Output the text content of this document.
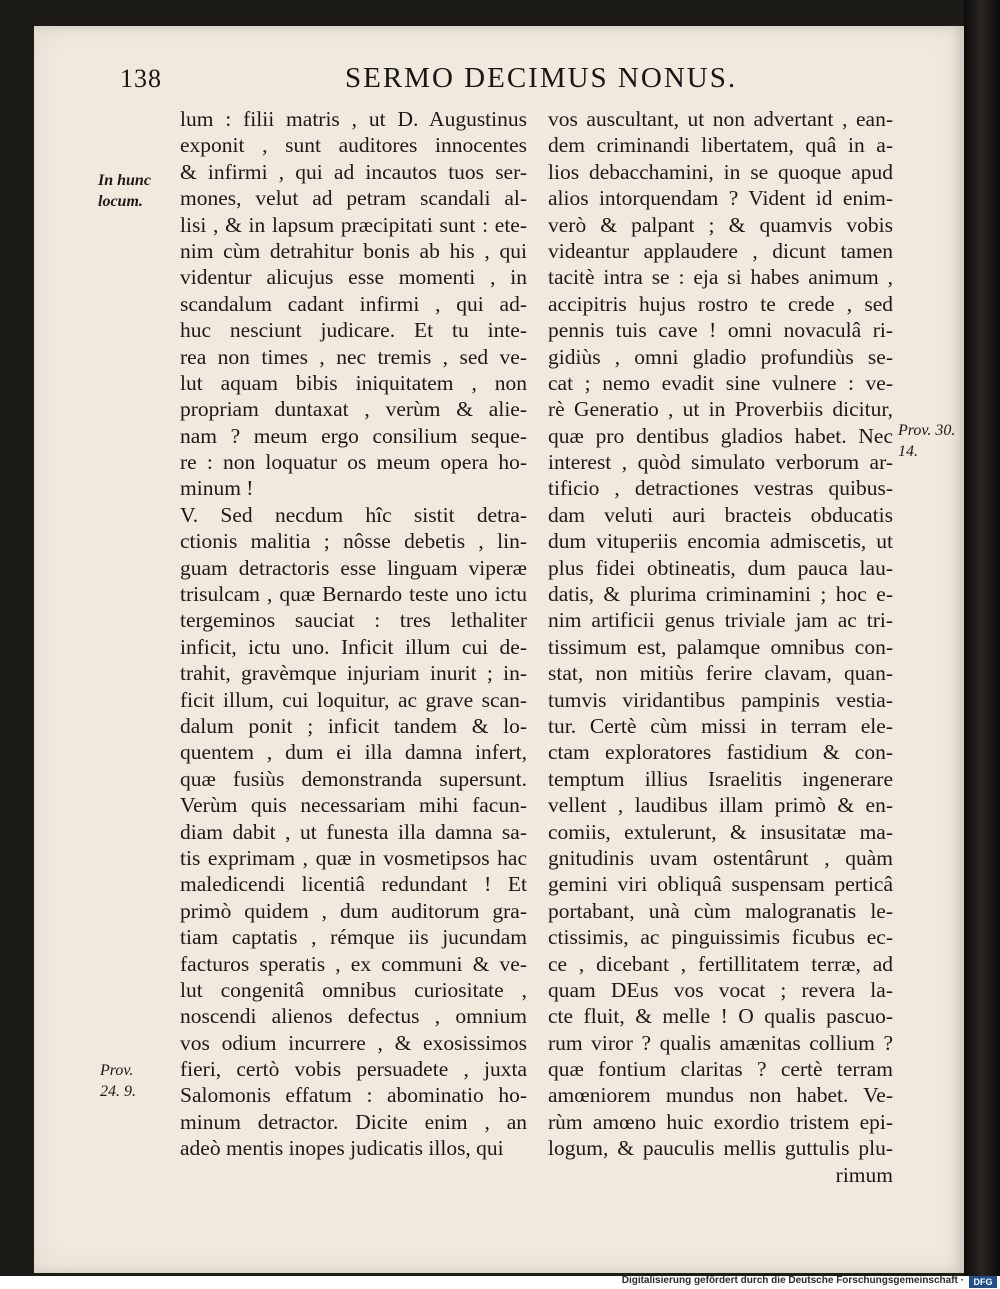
138	SERMO DECIMUS NONUS.
In hunc locum.
Prov. 24. 9.
Prov. 30. 14.
lum : filii matris , ut D. Augustinus
exponit , sunt auditores innocentes
& infirmi , qui ad incautos tuos ser-
mones, velut ad petram scandali al-
lisi , & in lapsum præcipitati sunt : ete-
nim cùm detrahitur bonis ab his , qui
videntur alicujus esse momenti , in
scandalum cadant infirmi , qui ad-
huc nesciunt judicare. Et tu inte-
rea non times , nec tremis , sed ve-
lut aquam bibis iniquitatem , non
propriam duntaxat , verùm & alie-
nam ? meum ergo consilium seque-
re : non loquatur os meum opera ho-
minum !
V. Sed necdum hîc sistit detra-
ctionis malitia ; nôsse debetis , lin-
guam detractoris esse linguam viperæ
trisulcam , quæ Bernardo teste uno ictu
tergeminos sauciat : tres lethaliter
inficit, ictu uno. Inficit illum cui de-
trahit, gravèmque injuriam inurit ; in-
ficit illum, cui loquitur, ac grave scan-
dalum ponit ; inficit tandem & lo-
quentem , dum ei illa damna infert,
quæ fusiùs demonstranda supersunt.
Verùm quis necessariam mihi facun-
diam dabit , ut funesta illa damna sa-
tis exprimam , quæ in vosmetipsos hac
maledicendi licentiâ redundant ! Et
primò quidem , dum auditorum gra-
tiam captatis , rémque iis jucundam
facturos speratis , ex communi & ve-
lut congenitâ omnibus curiositate ,
noscendi alienos defectus , omnium
vos odium incurrere , & exosissimos
fieri, certò vobis persuadete , juxta
Salomonis effatum : abominatio ho-
minum detractor. Dicite enim , an
adeò mentis inopes judicatis illos, qui
vos auscultant, ut non advertant , ean-
dem criminandi libertatem, quâ in a-
lios debacchamini, in se quoque apud
alios intorquendam ? Vident id enim-
verò & palpant ; & quamvis vobis
videantur applaudere , dicunt tamen
tacitè intra se : eja si habes animum ,
accipitris hujus rostro te crede , sed
pennis tuis cave ! omni novaculâ ri-
gidiùs , omni gladio profundiùs se-
cat ; nemo evadit sine vulnere : ve-
rè Generatio , ut in Proverbiis dicitur,
quæ pro dentibus gladios habet. Nec
interest , quòd simulato verborum ar-
tificio , detractiones vestras quibus-
dam veluti auri bracteis obducatis
dum vituperiis encomia admiscetis, ut
plus fidei obtineatis, dum pauca lau-
datis, & plurima criminamini ; hoc e-
nim artificii genus triviale jam ac tri-
tissimum est, palamque omnibus con-
stat, non mitiùs ferire clavam, quan-
tumvis viridantibus pampinis vestia-
tur. Certè cùm missi in terram ele-
ctam exploratores fastidium & con-
temptum illius Israelitis ingenerare
vellent , laudibus illam primò & en-
comiis, extulerunt, & insusitatæ ma-
gnitudinis uvam ostentârunt , quàm
gemini viri obliquâ suspensam perticâ
portabant, unà cùm malogranatis le-
ctissimis, ac pinguissimis ficubus ec-
ce , dicebant , fertillitatem terræ, ad
quam DEus vos vocat ; revera la-
cte fluit, & melle ! O qualis pascuo-
rum viror ? qualis amænitas collium ?
quæ fontium claritas ? certè terram
amœniorem mundus non habet. Ve-
rùm amœno huic exordio tristem epi-
logum, & pauculis mellis guttulis plu-
rimum
Digitalisierung gefördert durch die Deutsche Forschungsgemeinschaft ·	DFG
